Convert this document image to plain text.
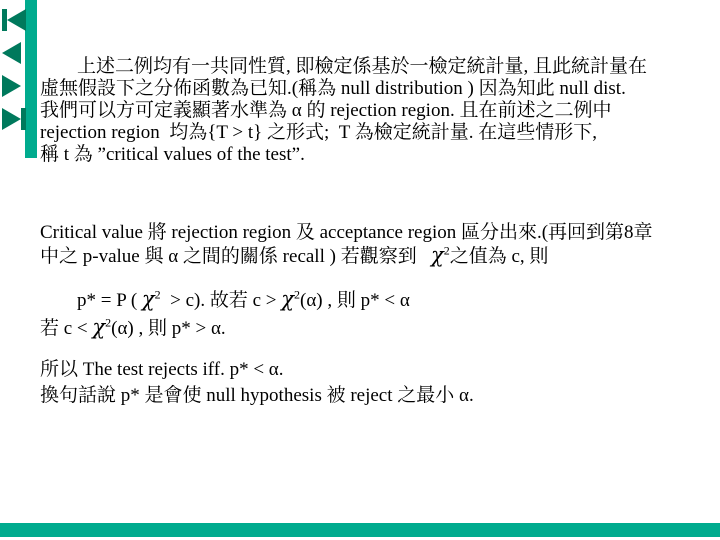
上述二例均有一共同性質, 即檢定係基於一檢定統計量, 且此統計量在
虛無假設下之分佈函數為已知.(稱為 null distribution ) 因為知此 null dist.
我們可以方可定義顯著水準為 α 的 rejection region. 且在前述之二例中
rejection region  均為{T > t} 之形式;  T 為檢定統計量. 在這些情形下,
稱 t 為 ”critical values of the test”.
Critical value 將 rejection region 及 acceptance region 區分出來.(再回到第8章
中之 p-value 與 α 之間的關係 recall ) 若觀察到   $\chi^2$之值為 c, 則
p* = P ( $\chi^2 > c$). 故若 $c > \chi^2(\alpha)$ , 則 p* < α
若 $c < \chi^2(\alpha)$ , 則 p* > α.
所以 The test rejects iff. p* < α.
換句話說 p* 是會使 null hypothesis 被 reject 之最小 α.
